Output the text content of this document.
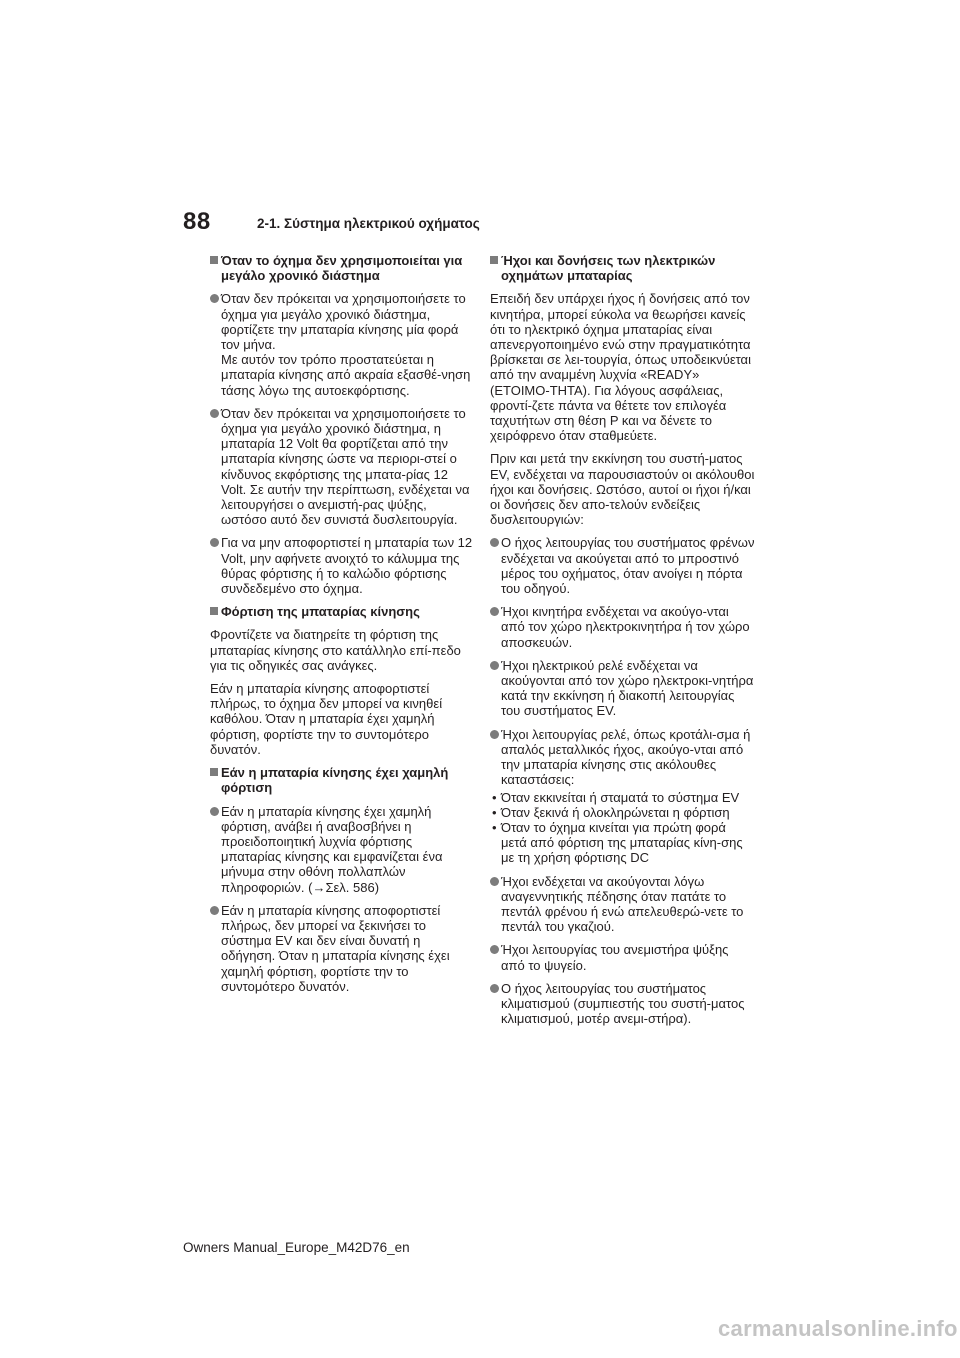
88	2-1. Σύστημα ηλεκτρικού οχήματος
Όταν το όχημα δεν χρησιμοποιείται για μεγάλο χρονικό διάστημα
Όταν δεν πρόκειται να χρησιμοποιήσετε το όχημα για μεγάλο χρονικό διάστημα, φορτίζετε την μπαταρία κίνησης μία φορά τον μήνα.
Με αυτόν τον τρόπο προστατεύεται η μπαταρία κίνησης από ακραία εξασθέ-νηση τάσης λόγω της αυτοεκφόρτισης.
Όταν δεν πρόκειται να χρησιμοποιήσετε το όχημα για μεγάλο χρονικό διάστημα, η μπαταρία 12 Volt θα φορτίζεται από την μπαταρία κίνησης ώστε να περιορι-στεί ο κίνδυνος εκφόρτισης της μπατα-ρίας 12 Volt. Σε αυτήν την περίπτωση, ενδέχεται να λειτουργήσει ο ανεμιστή-ρας ψύξης, ωστόσο αυτό δεν συνιστά δυσλειτουργία.
Για να μην αποφορτιστεί η μπαταρία των 12 Volt, μην αφήνετε ανοιχτό το κάλυμμα της θύρας φόρτισης ή το καλώδιο φόρτισης συνδεδεμένο στο όχημα.
Φόρτιση της μπαταρίας κίνησης
Φροντίζετε να διατηρείτε τη φόρτιση της μπαταρίας κίνησης στο κατάλληλο επί-πεδο για τις οδηγικές σας ανάγκες.
Εάν η μπαταρία κίνησης αποφορτιστεί πλήρως, το όχημα δεν μπορεί να κινηθεί καθόλου. Όταν η μπαταρία έχει χαμηλή φόρτιση, φορτίστε την το συντομότερο δυνατόν.
Εάν η μπαταρία κίνησης έχει χαμηλή φόρτιση
Εάν η μπαταρία κίνησης έχει χαμηλή φόρτιση, ανάβει ή αναβοσβήνει η προειδοποιητική λυχνία φόρτισης μπαταρίας κίνησης και εμφανίζεται ένα μήνυμα στην οθόνη πολλαπλών πληροφοριών. (→Σελ. 586)
Εάν η μπαταρία κίνησης αποφορτιστεί πλήρως, δεν μπορεί να ξεκινήσει το σύστημα EV και δεν είναι δυνατή η οδήγηση. Όταν η μπαταρία κίνησης έχει χαμηλή φόρτιση, φορτίστε την το συντομότερο δυνατόν.
Ήχοι και δονήσεις των ηλεκτρικών οχημάτων μπαταρίας
Επειδή δεν υπάρχει ήχος ή δονήσεις από τον κινητήρα, μπορεί εύκολα να θεωρήσει κανείς ότι το ηλεκτρικό όχημα μπαταρίας είναι απενεργοποιημένο ενώ στην πραγματικότητα βρίσκεται σε λει-τουργία, όπως υποδεικνύεται από την αναμμένη λυχνία «READY» (ΕΤΟΙΜΟ-ΤΗΤΑ). Για λόγους ασφάλειας, φροντί-ζετε πάντα να θέτετε τον επιλογέα ταχυτήτων στη θέση P και να δένετε το χειρόφρενο όταν σταθμεύετε.
Πριν και μετά την εκκίνηση του συστή-ματος EV, ενδέχεται να παρουσιαστούν οι ακόλουθοι ήχοι και δονήσεις. Ωστόσο, αυτοί οι ήχοι ή/και οι δονήσεις δεν απο-τελούν ενδείξεις δυσλειτουργιών:
Ο ήχος λειτουργίας του συστήματος φρένων ενδέχεται να ακούγεται από το μπροστινό μέρος του οχήματος, όταν ανοίγει η πόρτα του οδηγού.
Ήχοι κινητήρα ενδέχεται να ακούγο-νται από τον χώρο ηλεκτροκινητήρα ή τον χώρο αποσκευών.
Ήχοι ηλεκτρικού ρελέ ενδέχεται να ακούγονται από τον χώρο ηλεκτροκι-νητήρα κατά την εκκίνηση ή διακοπή λειτουργίας του συστήματος EV.
Ήχοι λειτουργίας ρελέ, όπως κροτάλι-σμα ή απαλός μεταλλικός ήχος, ακούγο-νται από την μπαταρία κίνησης στις ακόλουθες καταστάσεις:
• Όταν εκκινείται ή σταματά το σύστημα EV
• Όταν ξεκινά ή ολοκληρώνεται η φόρτιση
• Όταν το όχημα κινείται για πρώτη φορά μετά από φόρτιση της μπαταρίας κίνη-σης με τη χρήση φόρτισης DC
Ήχοι ενδέχεται να ακούγονται λόγω αναγεννητικής πέδησης όταν πατάτε το πεντάλ φρένου ή ενώ απελευθερώ-νετε το πεντάλ του γκαζιού.
Ήχοι λειτουργίας του ανεμιστήρα ψύξης από το ψυγείο.
Ο ήχος λειτουργίας του συστήματος κλιματισμού (συμπιεστής του συστή-ματος κλιματισμού, μοτέρ ανεμι-στήρα).
Owners Manual_Europe_M42D76_en
carmanualsonline.info
